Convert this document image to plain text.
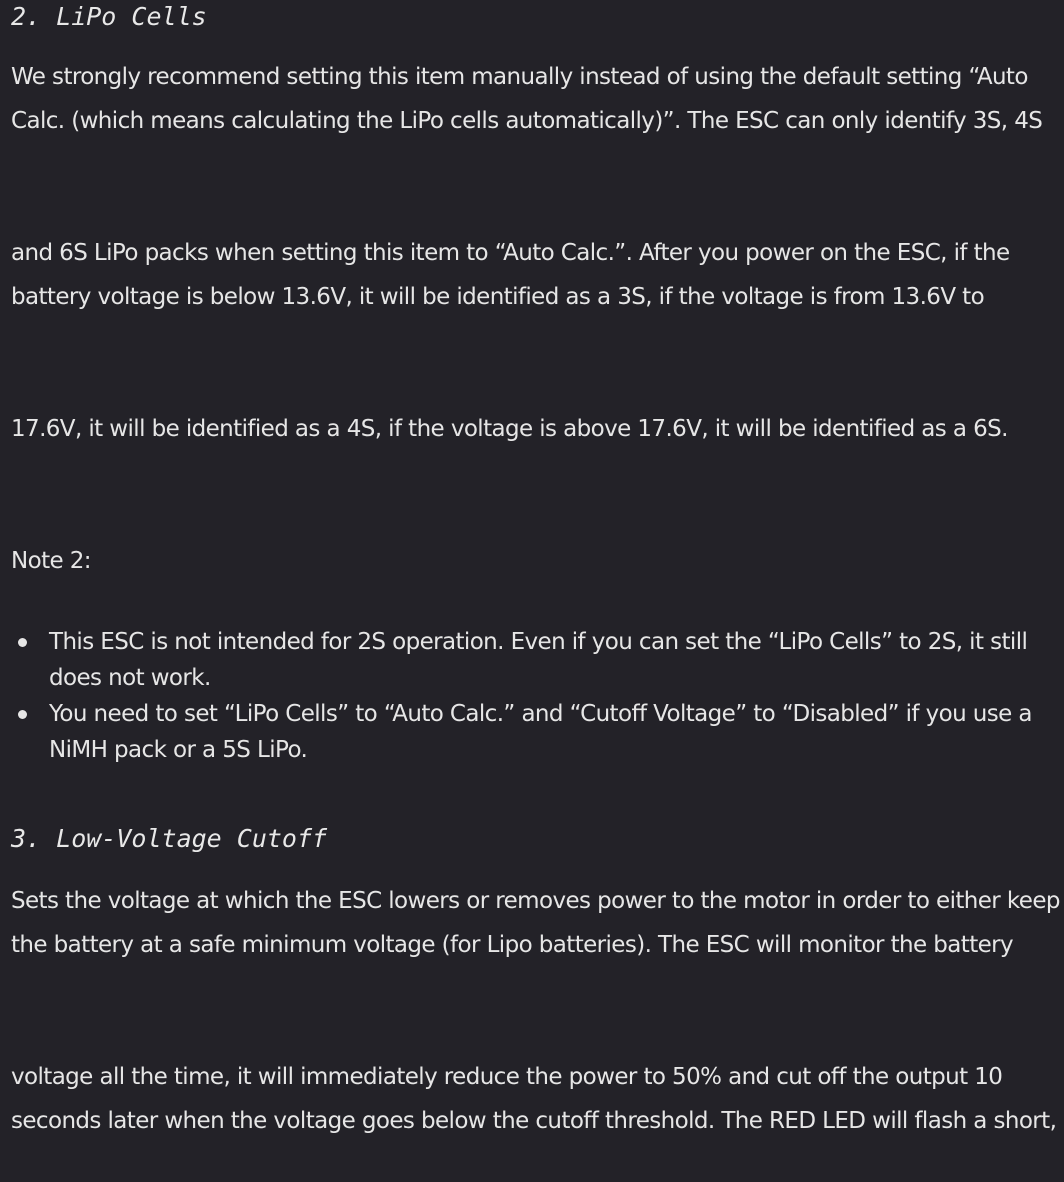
2. LiPo Cells

We strongly recommend setting this item manually instead of using the default setting “Auto Calc. (which means calculating the LiPo cells automatically)”. The ESC can only identify 3S, 4S

and 6S LiPo packs when setting this item to “Auto Calc.”. After you power on the ESC, if the battery voltage is below 13.6V, it will be identified as a 3S, if the voltage is from 13.6V to

17.6V, it will be identified as a 4S, if the voltage is above 17.6V, it will be identified as a 6S.

Note 2:

This ESC is not intended for 2S operation. Even if you can set the “LiPo Cells” to 2S, it still does not work.
You need to set “LiPo Cells” to “Auto Calc.” and “Cutoff Voltage” to “Disabled” if you use a NiMH pack or a 5S LiPo.
3. Low-Voltage Cutoff

Sets the voltage at which the ESC lowers or removes power to the motor in order to either keep the battery at a safe minimum voltage (for Lipo batteries). The ESC will monitor the battery

voltage all the time, it will immediately reduce the power to 50% and cut off the output 10 seconds later when the voltage goes below the cutoff threshold. The RED LED will flash a short,
